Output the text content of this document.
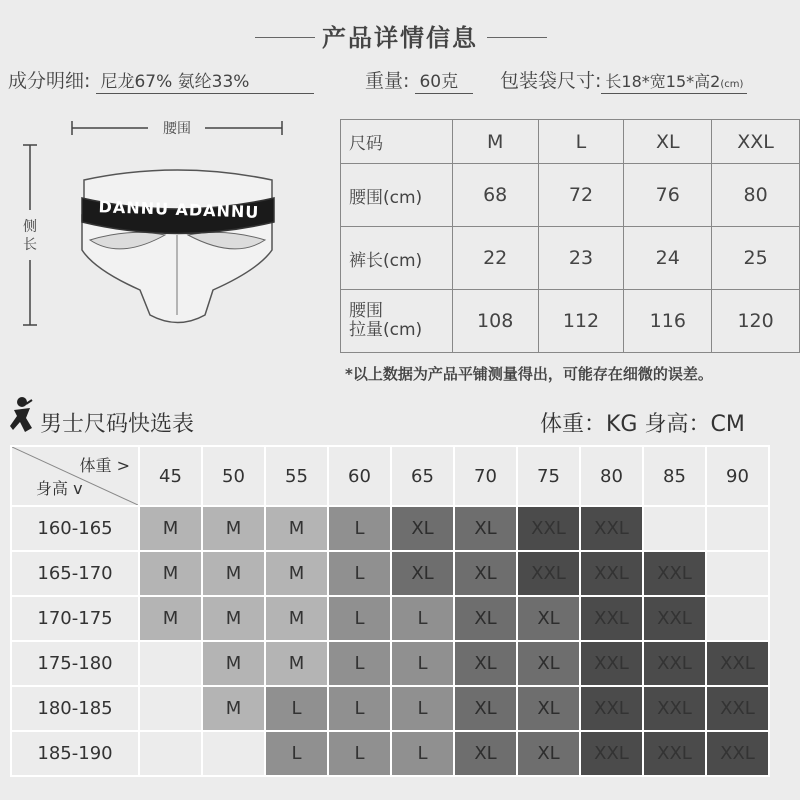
产品详情信息
成分明细: 尼龙67% 氨纶33%	重量: 60克	包装袋尺寸: 长18*宽15*高2(cm)
腰围
侧长
DANNU ADANNU
尺码	M	L	XL	XXL
腰围(cm)	68	72	76	80
裤长(cm)	22	23	24	25
腰围
拉量(cm)	108	112	116	120
*以上数据为产品平铺测量得出，可能存在细微的误差。
男士尺码快选表	体重：KG 身高：CM
体重 >
身高 v	45	50	55	60	65	70	75	80	85	90
160-165	M	M	M	L	XL	XL	XXL	XXL		
165-170	M	M	M	L	XL	XL	XXL	XXL	XXL	
170-175	M	M	M	L	L	XL	XL	XXL	XXL	
175-180		M	M	L	L	XL	XL	XXL	XXL	XXL
180-185		M	L	L	L	XL	XL	XXL	XXL	XXL
185-190			L	L	L	XL	XL	XXL	XXL	XXL
